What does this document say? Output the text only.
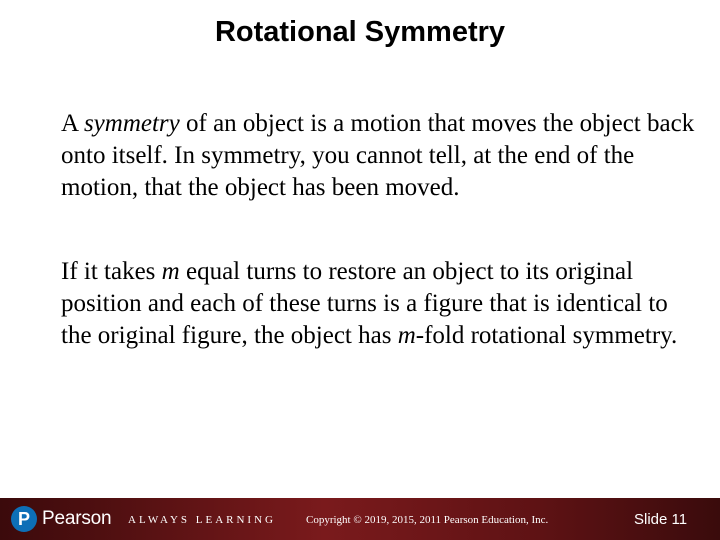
Rotational Symmetry
A symmetry of an object is a motion that moves the object back onto itself. In symmetry, you cannot tell, at the end of the motion, that the object has been moved.
If it takes m equal turns to restore an object to its original position and each of these turns is a figure that is identical to the original figure, the object has m-fold rotational symmetry.
P Pearson ALWAYS LEARNING	Copyright © 2019, 2015, 2011 Pearson Education, Inc.	Slide 11
